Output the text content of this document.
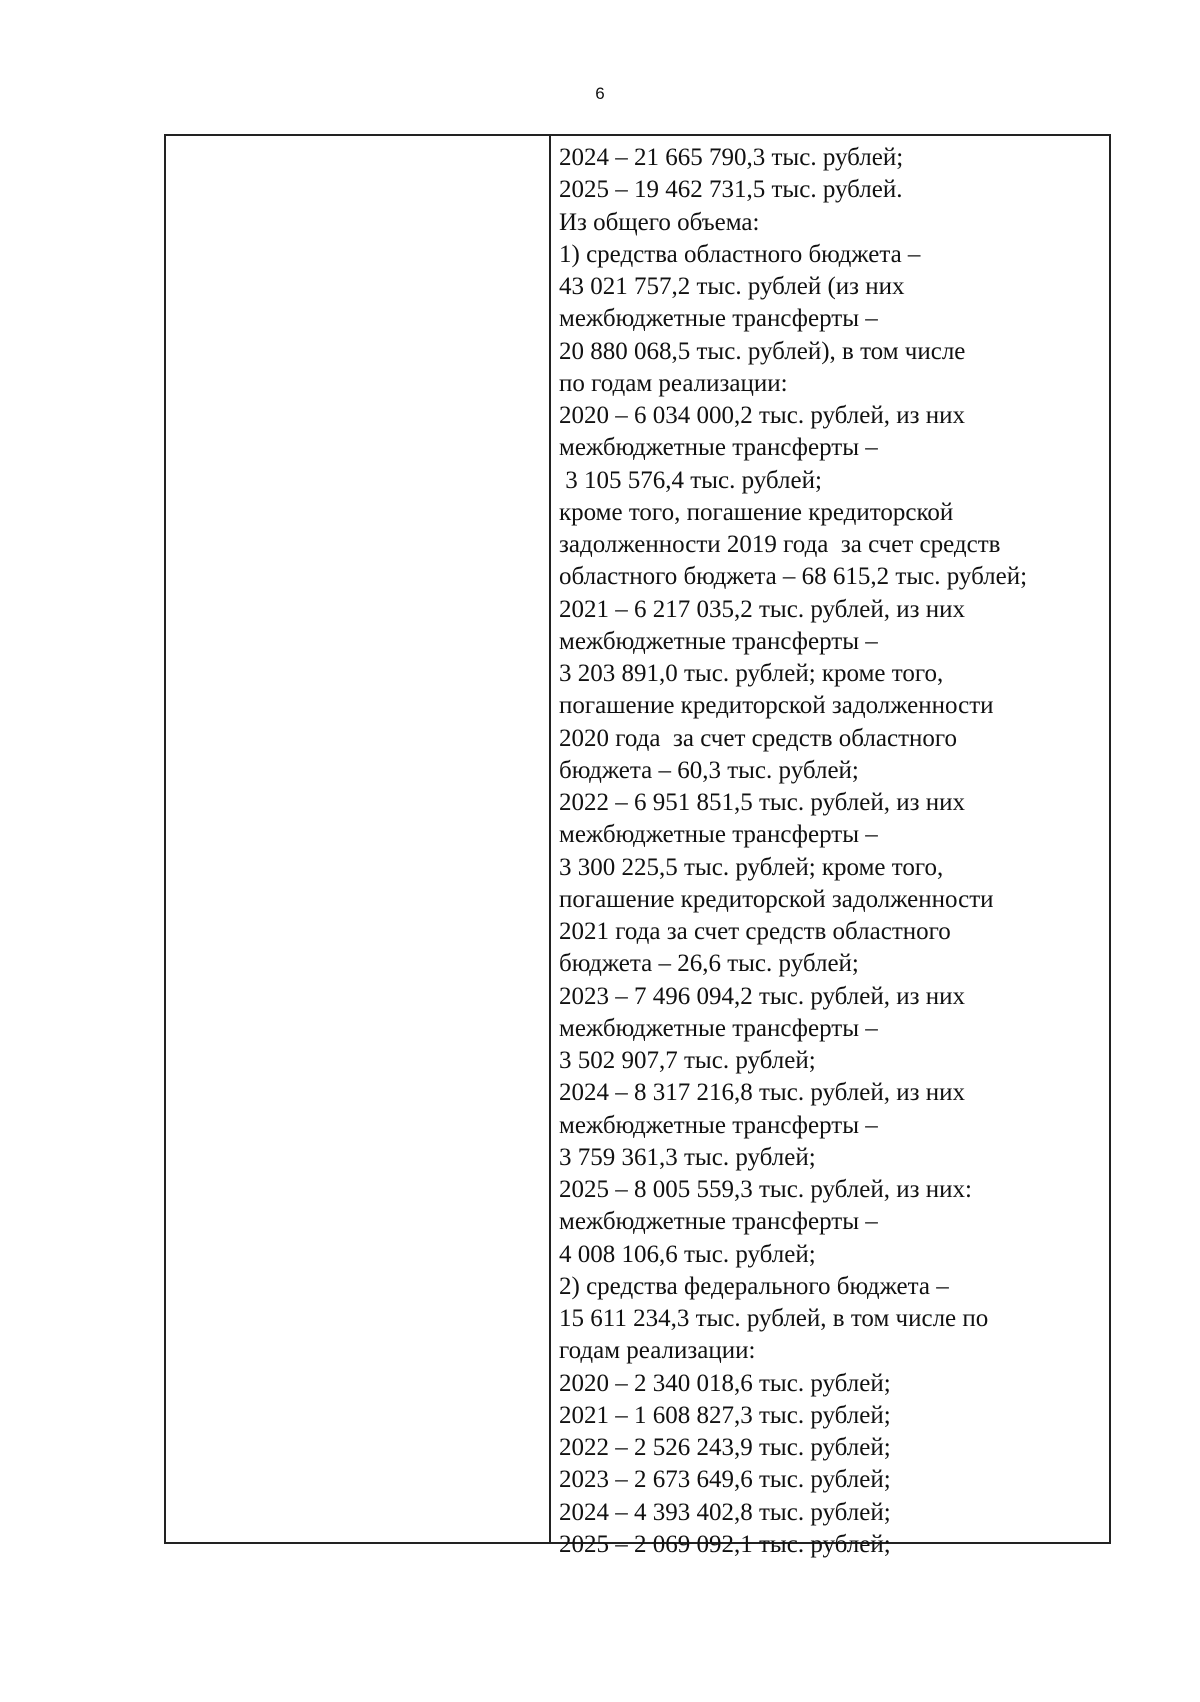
6

2024 – 21 665 790,3 тыс. рублей;

2025 – 19 462 731,5 тыс. рублей.

Из общего объема:

1) средства областного бюджета –

43 021 757,2 тыс. рублей (из них

межбюджетные трансферты –

20 880 068,5 тыс. рублей), в том числе

по годам реализации:

2020 – 6 034 000,2 тыс. рублей, из них

межбюджетные трансферты –

3 105 576,4 тыс. рублей;

кроме того, погашение кредиторской

задолженности 2019 года  за счет средств

областного бюджета – 68 615,2 тыс. рублей;

2021 – 6 217 035,2 тыс. рублей, из них

межбюджетные трансферты –

3 203 891,0 тыс. рублей; кроме того,

погашение кредиторской задолженности

2020 года  за счет средств областного

бюджета – 60,3 тыс. рублей;

2022 – 6 951 851,5 тыс. рублей, из них

межбюджетные трансферты –

3 300 225,5 тыс. рублей; кроме того,

погашение кредиторской задолженности

2021 года за счет средств областного

бюджета – 26,6 тыс. рублей;

2023 – 7 496 094,2 тыс. рублей, из них

межбюджетные трансферты –

3 502 907,7 тыс. рублей;

2024 – 8 317 216,8 тыс. рублей, из них

межбюджетные трансферты –

3 759 361,3 тыс. рублей;

2025 – 8 005 559,3 тыс. рублей, из них:

межбюджетные трансферты –

4 008 106,6 тыс. рублей;

2) средства федерального бюджета –

15 611 234,3 тыс. рублей, в том числе по

годам реализации:

2020 – 2 340 018,6 тыс. рублей;

2021 – 1 608 827,3 тыс. рублей;

2022 – 2 526 243,9 тыс. рублей;

2023 – 2 673 649,6 тыс. рублей;

2024 – 4 393 402,8 тыс. рублей;

2025 – 2 069 092,1 тыс. рублей;
